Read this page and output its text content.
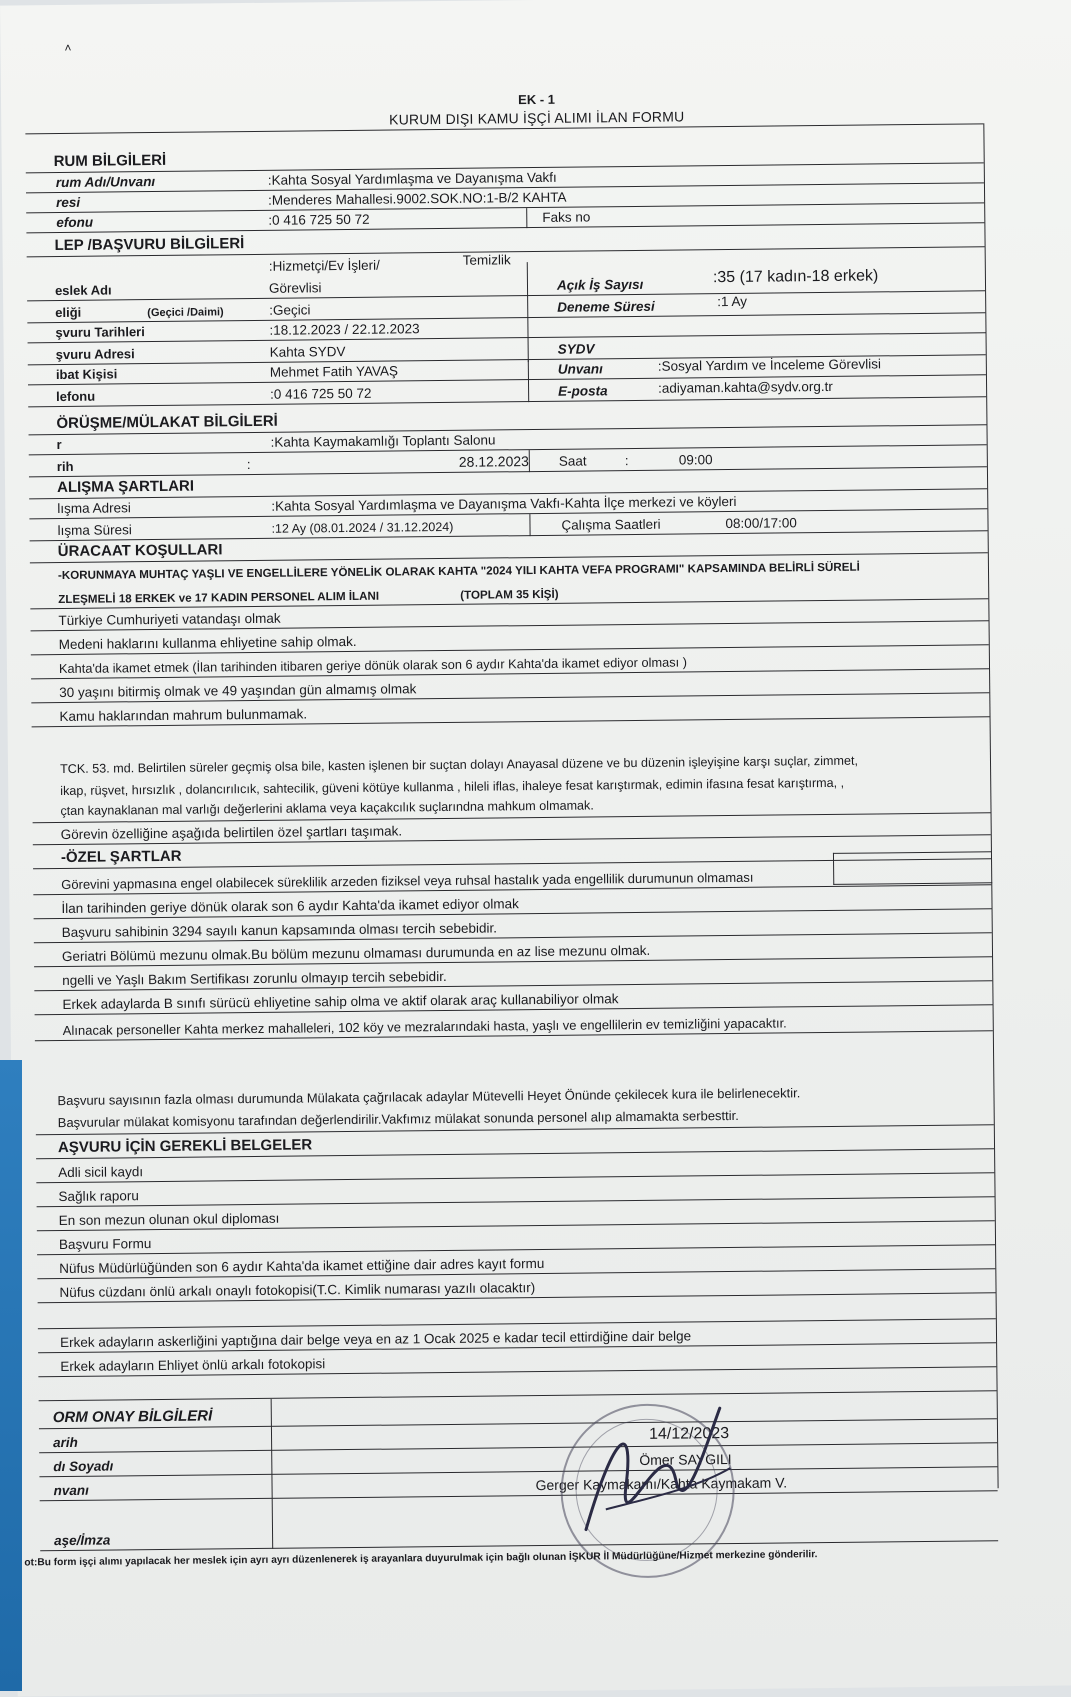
˄
EK - 1
KURUM DIŞI KAMU İŞÇİ ALIMI İLAN FORMU
RUM BİLGİLERİ
rum Adı/Unvanı	:Kahta Sosyal Yardımlaşma ve Dayanışma Vakfı
resi	:Menderes Mahallesi.9002.SOK.NO:1-B/2 KAHTA
efonu	:0 416 725 50 72	Faks no
LEP /BAŞVURU BİLGİLERİ
:Hizmetçi/Ev İşleri/	Temizlik
eslek Adı	Görevlisi	Açık İş Sayısı	:35 (17 kadın-18 erkek)
eliği	(Geçici /Daimi)	:Geçici	Deneme Süresi	:1 Ay
şvuru Tarihleri	:18.12.2023 / 22.12.2023
şvuru Adresi	Kahta SYDV	SYDV
ibat Kişisi	Mehmet Fatih YAVAŞ	Unvanı	:Sosyal Yardım ve İnceleme Görevlisi
lefonu	:0 416 725 50 72	E-posta	:adiyaman.kahta@sydv.org.tr
ÖRÜŞME/MÜLAKAT BİLGİLERİ
r	:Kahta Kaymakamlığı Toplantı Salonu
rih	:	28.12.2023 Saat	:	09:00
ALIŞMA ŞARTLARI
lışma Adresi	:Kahta Sosyal Yardımlaşma ve Dayanışma Vakfı-Kahta İlçe merkezi ve köyleri
lışma Süresi	:12 Ay (08.01.2024 / 31.12.2024)	Çalışma Saatleri	08:00/17:00
ÜRACAAT KOŞULLARI
-KORUNMAYA MUHTAÇ YAŞLI VE ENGELLİLERE YÖNELİK OLARAK KAHTA "2024 YILI KAHTA VEFA PROGRAMI" KAPSAMINDA BELİRLİ SÜRELİ
ZLEŞMELİ 18 ERKEK ve 17 KADIN PERSONEL ALIM İLANI	(TOPLAM 35 KİŞİ)
Türkiye Cumhuriyeti vatandaşı olmak
Medeni haklarını kullanma ehliyetine sahip olmak.
Kahta'da ikamet etmek (İlan tarihinden itibaren geriye dönük olarak son 6 aydır Kahta'da ikamet ediyor olması )
30 yaşını bitirmiş olmak ve 49 yaşından gün almamış olmak
Kamu haklarından mahrum bulunmamak.
TCK. 53. md. Belirtilen süreler geçmiş olsa bile, kasten işlenen bir suçtan dolayı Anayasal düzene ve bu düzenin işleyişine karşı suçlar, zimmet,
ikap, rüşvet, hırsızlık , dolancırılıcık, sahtecilik, güveni kötüye kullanma , hileli iflas, ihaleye fesat karıştırmak, edimin ifasına fesat karıştırma, ,
çtan kaynaklanan mal varlığı değerlerini aklama veya kaçakcılık suçlarındna mahkum olmamak.
Görevin özelliğine aşağıda belirtilen özel şartları taşımak.
-ÖZEL ŞARTLAR
Görevini yapmasına engel olabilecek süreklilik arzeden fiziksel veya ruhsal hastalık yada engellilik durumunun olmaması
İlan tarihinden geriye dönük olarak son 6 aydır Kahta'da ikamet ediyor olmak
Başvuru sahibinin 3294 sayılı kanun kapsamında olması tercih sebebidir.
Geriatri Bölümü mezunu olmak.Bu bölüm mezunu olmaması durumunda en az lise mezunu olmak.
ngelli ve Yaşlı Bakım Sertifikası zorunlu olmayıp tercih sebebidir.
Erkek adaylarda B sınıfı sürücü ehliyetine sahip olma ve aktif olarak araç kullanabiliyor olmak
Alınacak personeller Kahta merkez mahalleleri, 102 köy ve mezralarındaki hasta, yaşlı ve engellilerin ev temizliğini yapacaktır.
Başvuru sayısının fazla olması durumunda Mülakata çağrılacak adaylar Mütevelli Heyet Önünde çekilecek kura ile belirlenecektir.
Başvurular mülakat komisyonu tarafından değerlendirilir.Vakfımız mülakat sonunda personel alıp almamakta serbesttir.
AŞVURU İÇİN GEREKLİ BELGELER
Adli sicil kaydı
Sağlık raporu
En son mezun olunan okul diploması
Başvuru Formu
Nüfus Müdürlüğünden son 6 aydır Kahta'da ikamet ettiğine dair adres kayıt formu
Nüfus cüzdanı önlü arkalı onaylı fotokopisi(T.C. Kimlik numarası yazılı olacaktır)
Erkek adayların askerliğini yaptığına dair belge veya en az 1 Ocak 2025 e kadar tecil ettirdiğine dair belge
Erkek adayların Ehliyet önlü arkalı fotokopisi
ORM ONAY BİLGİLERİ
arih	14/12/2023
dı Soyadı	Ömer SAYGILI
nvanı	Gerger Kaymakamı/Kahta Kaymakam V.
aşe/İmza
ot:Bu form işçi alımı yapılacak her meslek için ayrı ayrı düzenlenerek iş arayanlara duyurulmak için bağlı olunan İŞKUR İl Müdürlüğüne/Hizmet merkezine gönderilir.
